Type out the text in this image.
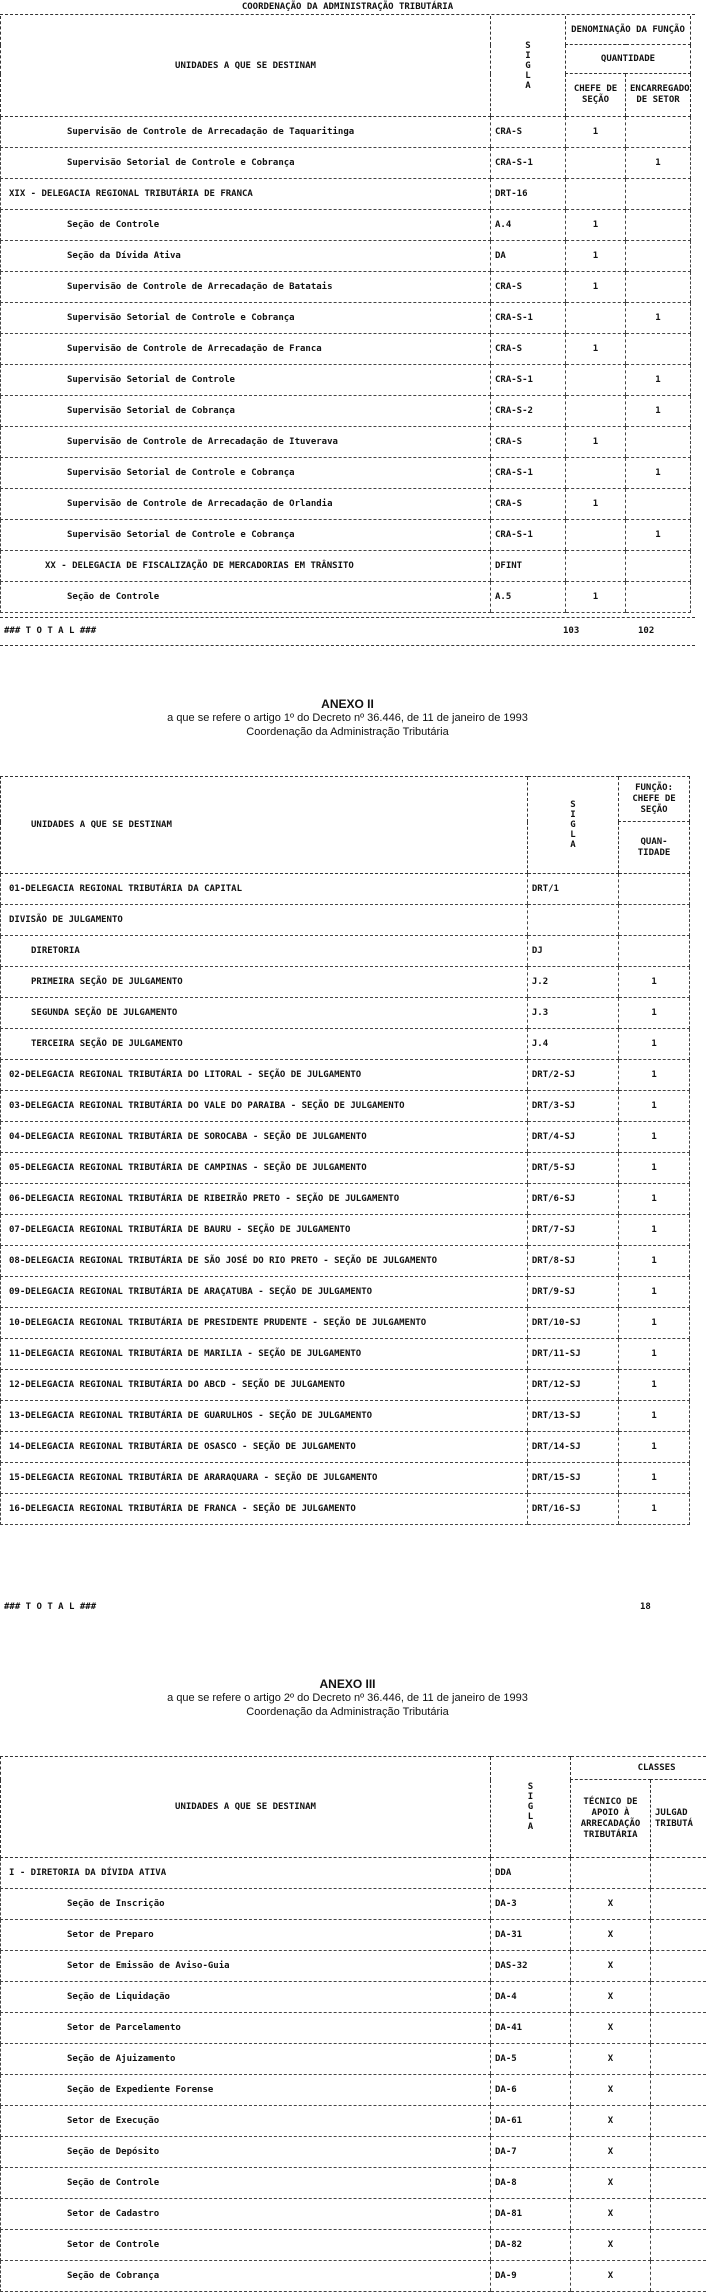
COORDENAÇÃO DA ADMINISTRAÇÃO TRIBUTÁRIA
UNIDADES A QUE SE DESTINAM	S
I
G
L
A	DENOMINAÇÃO DA FUNÇÃO	
		QUANTIDADE	
		CHEFE DE SEÇÃO	ENCARREGADO DE SETOR
Supervisão de Controle de Arrecadação de Taquaritinga	CRA-S	1	
Supervisão Setorial de Controle e Cobrança	CRA-S-1		1
XIX - DELEGACIA REGIONAL TRIBUTÁRIA DE FRANCA	DRT-16		
Seção de Controle	A.4	1	
Seção da Dívida Ativa	DA	1	
Supervisão de Controle de Arrecadação de Batatais	CRA-S	1	
Supervisão Setorial de Controle e Cobrança	CRA-S-1		1
Supervisão de Controle de Arrecadação de Franca	CRA-S	1	
Supervisão Setorial de Controle	CRA-S-1		1
Supervisão Setorial de Cobrança	CRA-S-2		1
Supervisão de Controle de Arrecadação de Ituverava	CRA-S	1	
Supervisão Setorial de Controle e Cobrança	CRA-S-1		1
Supervisão de Controle de Arrecadação de Orlandia	CRA-S	1	
Supervisão Setorial de Controle e Cobrança	CRA-S-1		1
XX - DELEGACIA DE FISCALIZAÇÃO DE MERCADORIAS EM TRÂNSITO	DFINT		
Seção de Controle	A.5	1	
### T O T A L ###	103	102
ANEXO II
a que se refere o artigo 1º do Decreto nº 36.446, de 11 de janeiro de 1993
Coordenação da Administração Tributária
UNIDADES A QUE SE DESTINAM	S
I
G
L
A	FUNÇÃO: CHEFE DE SEÇÃO
		QUAN- TIDADE
01-DELEGACIA REGIONAL TRIBUTÁRIA DA CAPITAL	DRT/1	
DIVISÃO DE JULGAMENTO		
DIRETORIA	DJ	
PRIMEIRA SEÇÃO DE JULGAMENTO	J.2	1
SEGUNDA SEÇÃO DE JULGAMENTO	J.3	1
TERCEIRA SEÇÃO DE JULGAMENTO	J.4	1
02-DELEGACIA REGIONAL TRIBUTÁRIA DO LITORAL - SEÇÃO DE JULGAMENTO	DRT/2-SJ	1
03-DELEGACIA REGIONAL TRIBUTÁRIA DO VALE DO PARAIBA - SEÇÃO DE JULGAMENTO	DRT/3-SJ	1
04-DELEGACIA REGIONAL TRIBUTÁRIA DE SOROCABA - SEÇÃO DE JULGAMENTO	DRT/4-SJ	1
05-DELEGACIA REGIONAL TRIBUTÁRIA DE CAMPINAS - SEÇÃO DE JULGAMENTO	DRT/5-SJ	1
06-DELEGACIA REGIONAL TRIBUTÁRIA DE RIBEIRÃO PRETO - SEÇÃO DE JULGAMENTO	DRT/6-SJ	1
07-DELEGACIA REGIONAL TRIBUTÁRIA DE BAURU - SEÇÃO DE JULGAMENTO	DRT/7-SJ	1
08-DELEGACIA REGIONAL TRIBUTÁRIA DE SÃO JOSÉ DO RIO PRETO - SEÇÃO DE JULGAMENTO	DRT/8-SJ	1
09-DELEGACIA REGIONAL TRIBUTÁRIA DE ARAÇATUBA - SEÇÃO DE JULGAMENTO	DRT/9-SJ	1
10-DELEGACIA REGIONAL TRIBUTÁRIA DE PRESIDENTE PRUDENTE - SEÇÃO DE JULGAMENTO	DRT/10-SJ	1
11-DELEGACIA REGIONAL TRIBUTÁRIA DE MARILIA - SEÇÃO DE JULGAMENTO	DRT/11-SJ	1
12-DELEGACIA REGIONAL TRIBUTÁRIA DO ABCD - SEÇÃO DE JULGAMENTO	DRT/12-SJ	1
13-DELEGACIA REGIONAL TRIBUTÁRIA DE GUARULHOS - SEÇÃO DE JULGAMENTO	DRT/13-SJ	1
14-DELEGACIA REGIONAL TRIBUTÁRIA DE OSASCO - SEÇÃO DE JULGAMENTO	DRT/14-SJ	1
15-DELEGACIA REGIONAL TRIBUTÁRIA DE ARARAQUARA - SEÇÃO DE JULGAMENTO	DRT/15-SJ	1
16-DELEGACIA REGIONAL TRIBUTÁRIA DE FRANCA - SEÇÃO DE JULGAMENTO	DRT/16-SJ	1
### T O T A L ###	18
ANEXO III
a que se refere o artigo 2º do Decreto nº 36.446, de 11 de janeiro de 1993
Coordenação da Administração Tributária
UNIDADES A QUE SE DESTINAM	S
I
G
L
A	CLASSES	
		TÉCNICO DE APOIO À ARRECADAÇÃO TRIBUTÁRIA	JULGAD TRIBUTÁ
I - DIRETORIA DA DÍVIDA ATIVA	DDA		
Seção de Inscrição	DA-3	X	
Setor de Preparo	DA-31	X	
Setor de Emissão de Aviso-Guia	DAS-32	X	
Seção de Liquidação	DA-4	X	
Setor de Parcelamento	DA-41	X	
Seção de Ajuizamento	DA-5	X	
Seção de Expediente Forense	DA-6	X	
Setor de Execução	DA-61	X	
Seção de Depósito	DA-7	X	
Seção de Controle	DA-8	X	
Setor de Cadastro	DA-81	X	
Setor de Controle	DA-82	X	
Seção de Cobrança	DA-9	X	
